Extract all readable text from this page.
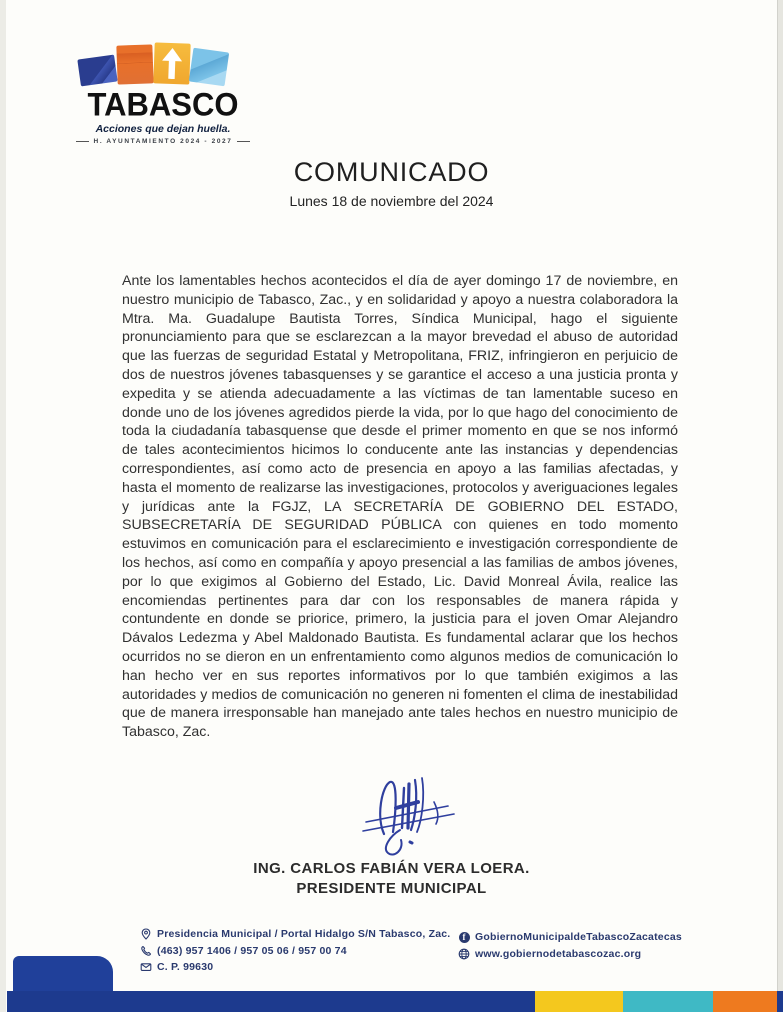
TABASCO
Acciones que dejan huella.
H. AYUNTAMIENTO 2024 - 2027
COMUNICADO
Lunes 18 de noviembre del 2024
Ante los lamentables hechos acontecidos el día de ayer domingo 17 de noviembre, en nuestro municipio de Tabasco, Zac., y en solidaridad y apoyo a nuestra colaboradora la Mtra. Ma. Guadalupe Bautista Torres, Síndica Municipal, hago el siguiente pronunciamiento para que se esclarezcan a la mayor brevedad el abuso de autoridad que las fuerzas de seguridad Estatal y Metropolitana, FRIZ, infringieron en perjuicio de dos de nuestros jóvenes tabasquenses y se garantice el acceso a una justicia pronta y expedita y se atienda adecuadamente a las víctimas de tan lamentable suceso en donde uno de los jóvenes agredidos pierde la vida, por lo que hago del conocimiento de toda la ciudadanía tabasquense que desde el primer momento en que se nos informó de tales acontecimientos hicimos lo conducente ante las instancias y dependencias correspondientes, así como acto de presencia en apoyo a las familias afectadas, y hasta el momento de realizarse las investigaciones, protocolos y averiguaciones legales y jurídicas ante la FGJZ, LA SECRETARÍA DE GOBIERNO DEL ESTADO, SUBSECRETARÍA DE SEGURIDAD PÚBLICA con quienes en todo momento estuvimos en comunicación para el esclarecimiento e investigación correspondiente de los hechos, así como en compañía y apoyo presencial a las familias de ambos jóvenes, por lo que exigimos al Gobierno del Estado, Lic. David Monreal Ávila, realice las encomiendas pertinentes para dar con los responsables de manera rápida y contundente en donde se priorice, primero, la justicia para el joven Omar Alejandro Dávalos Ledezma y Abel Maldonado Bautista. Es fundamental aclarar que los hechos ocurridos no se dieron en un enfrentamiento como algunos medios de comunicación lo han hecho ver en sus reportes informativos por lo que también exigimos a las autoridades y medios de comunicación no generen ni fomenten el clima de inestabilidad que de manera irresponsable han manejado ante tales hechos en nuestro municipio de Tabasco, Zac.
ING. CARLOS FABIÁN VERA LOERA.
PRESIDENTE MUNICIPAL
Presidencia Municipal / Portal Hidalgo S/N Tabasco, Zac.
(463) 957 1406 / 957 05 06 / 957 00 74
C. P. 99630
f GobiernoMunicipaldeTabascoZacatecas
www.gobiernodetabascozac.org
